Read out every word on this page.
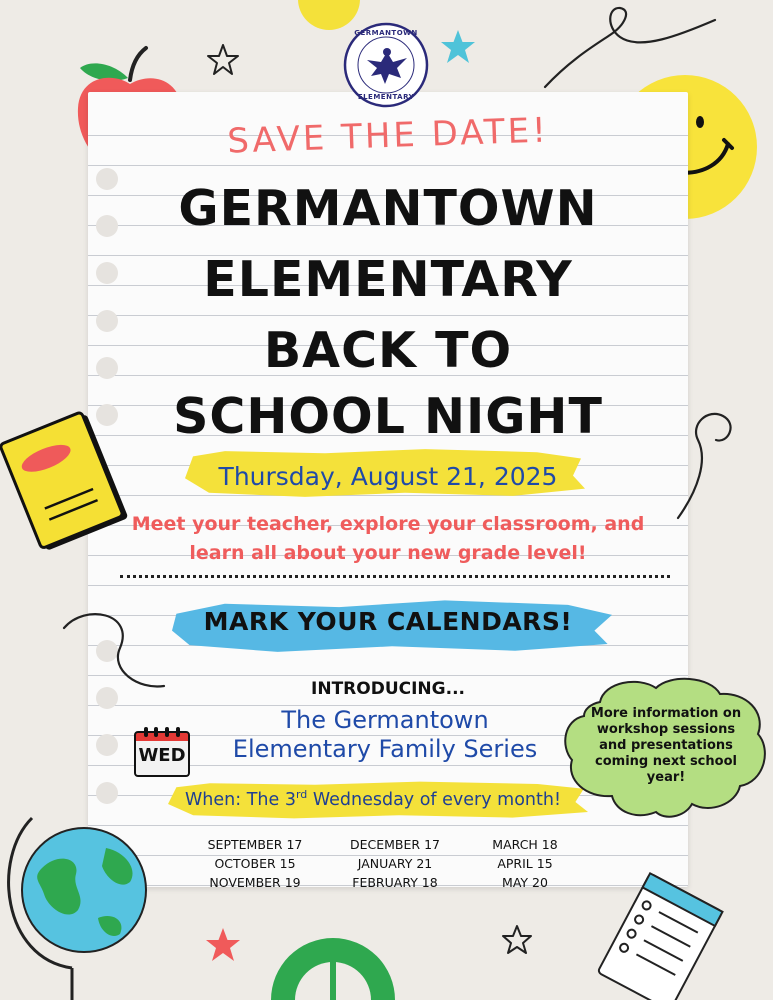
GERMANTOWN
ELEMENTARY
SAVE THE DATE!
GERMANTOWN
ELEMENTARY
BACK TO
SCHOOL NIGHT
Thursday, August 21, 2025
Meet your teacher, explore your classroom, and
learn all about your new grade level!
MARK YOUR CALENDARS!
INTRODUCING...
The Germantown
Elementary Family Series
WED
When: The 3rd Wednesday of every month!
SEPTEMBER 17
OCTOBER 15
NOVEMBER 19
DECEMBER 17
JANUARY 21
FEBRUARY 18
MARCH 18
APRIL 15
MAY 20
More information on
workshop sessions
and presentations
coming next school
year!
